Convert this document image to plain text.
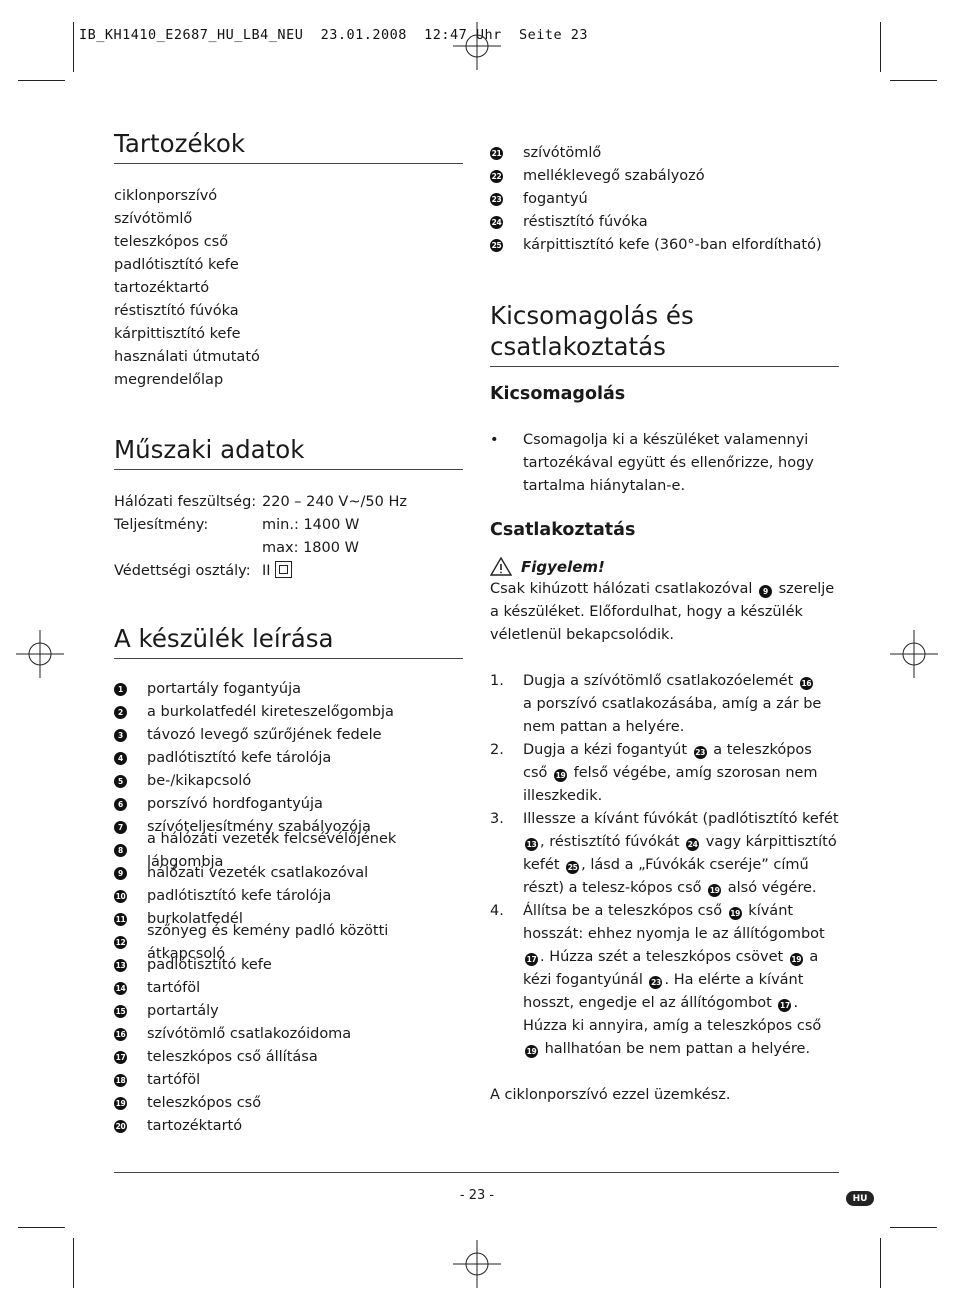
IB_KH1410_E2687_HU_LB4_NEU  23.01.2008  12:47 Uhr  Seite 23
Tartozékok
ciklonporszívó
szívótömlő
teleszkópos cső
padlótisztító kefe
tartozéktartó
réstisztító fúvóka
kárpittisztító kefe
használati útmutató
megrendelőlap
Műszaki adatok
Hálózati feszültség: 220 – 240 V~/50 Hz
Teljesítmény:	min.: 1400 W
max: 1800 W
Védettségi osztály: II
A készülék leírása
1 portartály fogantyúja
2 a burkolatfedél kireteszelőgombja
3 távozó levegő szűrőjének fedele
4 padlótisztító kefe tárolója
5 be-/kikapcsoló
6 porszívó hordfogantyúja
7 szívóteljesítmény szabályozója
8
a hálózati vezeték felcsévélőjének lábgombja
9 hálózati vezeték csatlakozóval
10 padlótisztító kefe tárolója
11 burkolatfedél
12
szőnyeg és kemény padló közötti átkapcsoló
13 padlótisztító kefe
14 tartóföl
15 portartály
16 szívótömlő csatlakozóidoma
17 teleszkópos cső állítása
18 tartóföl
19 teleszkópos cső
20 tartozéktartó
21 szívótömlő
22 melléklevegő szabályozó
23 fogantyú
24 réstisztító fúvóka
25 kárpittisztító kefe (360°-ban elfordítható)
Kicsomagolás és csatlakoztatás
Kicsomagolás
•	Csomagolja ki a készüléket valamennyi tartozékával együtt és ellenőrizze, hogy tartalma hiánytalan-e.
Csatlakoztatás
Figyelem!
Csak kihúzott hálózati csatlakozóval 9 szerelje a készüléket. Előfordulhat, hogy a készülék véletlenül bekapcsolódik.
1.	Dugja a szívótömlő csatlakozóelemét 16
a porszívó csatlakozásába, amíg a zár be nem pattan a helyére.
2.	Dugja a kézi fogantyút 23 a teleszkópos cső 19 felső végébe, amíg szorosan nem illeszkedik.
3.	Illessze a kívánt fúvókát (padlótisztító kefét 13 , réstisztító fúvókát 24 vagy kárpittisztító kefét 25 , lásd a „Fúvókák cseréje” című részt) a telesz-kópos cső 19 alsó végére.
4.	Állítsa be a teleszkópos cső 19 kívánt hosszát: ehhez nyomja le az állítógombot 17 . Húzza szét a teleszkópos csövet 19 a kézi fogantyúnál 23 . Ha elérte a kívánt hosszt, engedje el az állítógombot 17 . Húzza ki annyira, amíg a teleszkópos cső 19 hallhatóan be nem pattan a helyére.
A ciklonporszívó ezzel üzemkész.
- 23 -	HU
